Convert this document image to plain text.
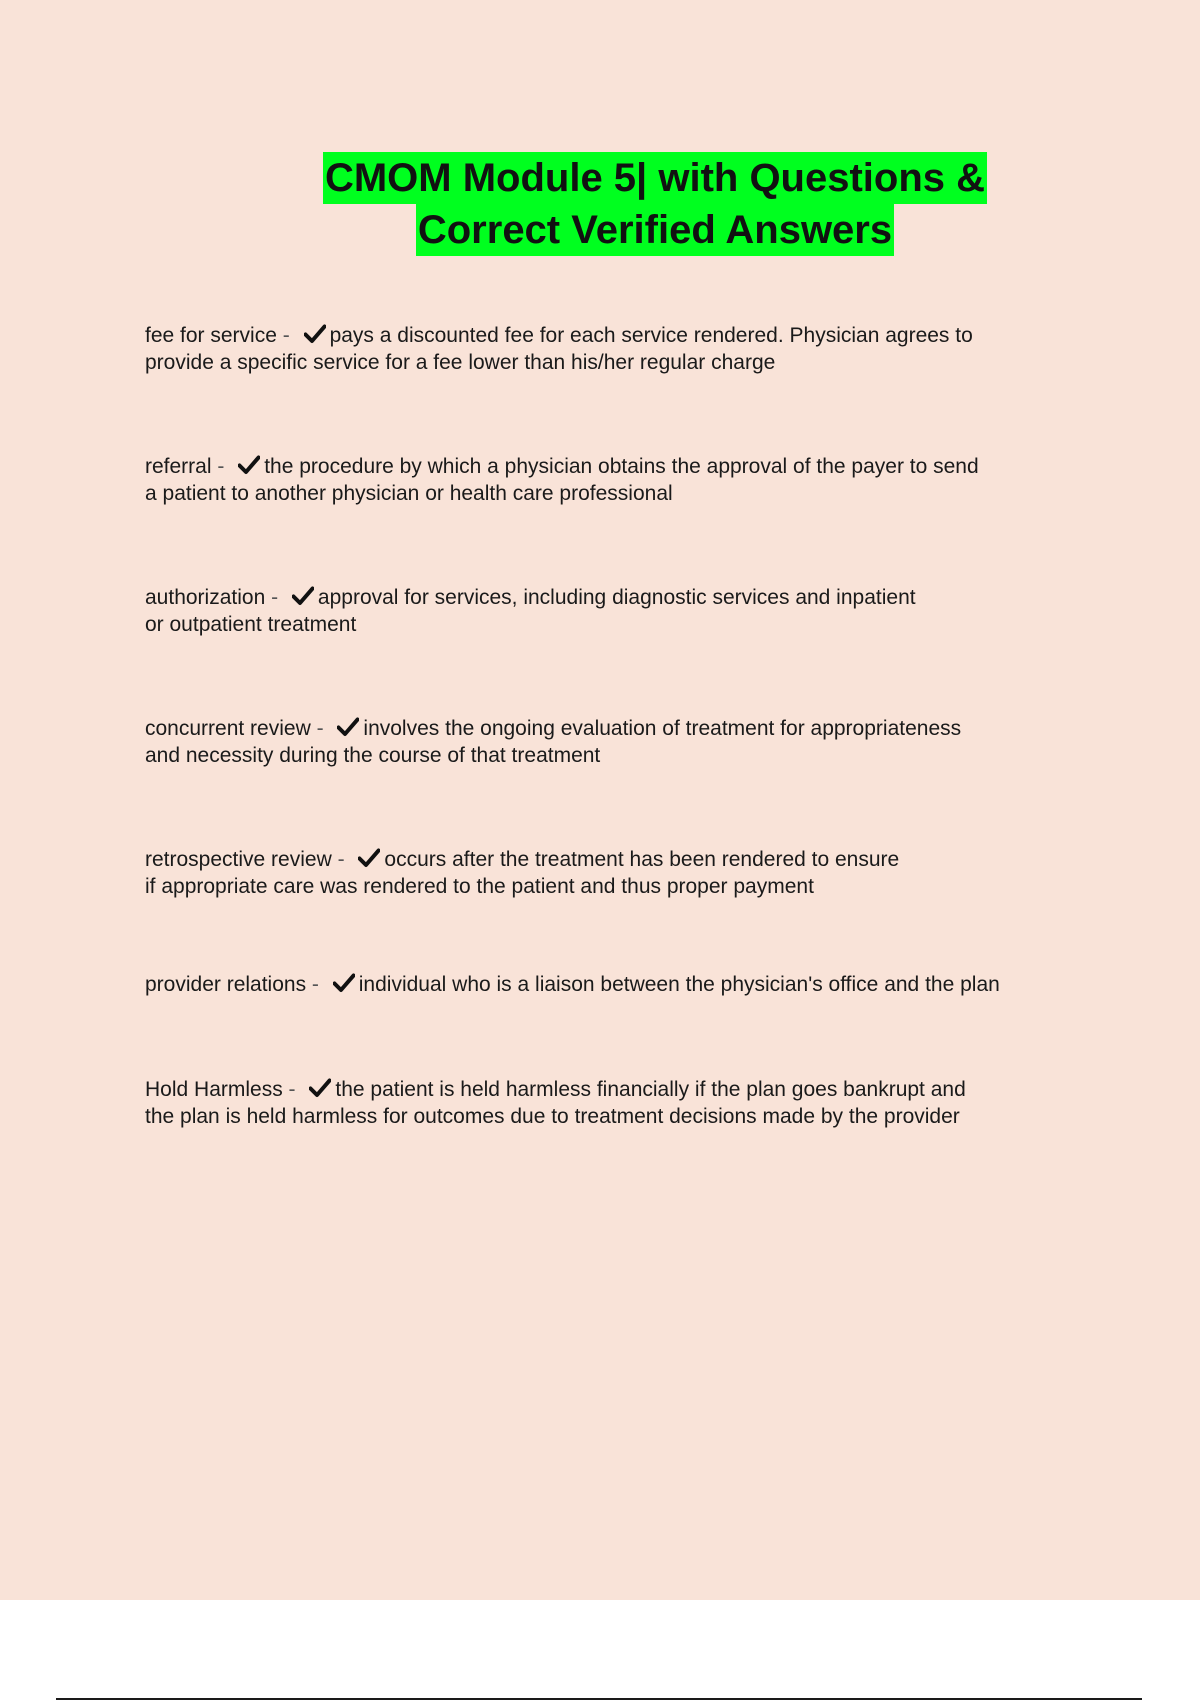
CMOM Module 5| with Questions &
Correct Verified Answers
fee for service -
pays a discounted fee for each service rendered. Physician agrees to
provide a specific service for a fee lower than his/her regular charge
referral -
the procedure by which a physician obtains the approval of the payer to send
a patient to another physician or health care professional
authorization -
approval for services, including diagnostic services and inpatient
or outpatient treatment
concurrent review -
involves the ongoing evaluation of treatment for appropriateness
and necessity during the course of that treatment
retrospective review -
occurs after the treatment has been rendered to ensure
if appropriate care was rendered to the patient and thus proper payment
provider relations -
individual who is a liaison between the physician's office and the plan
Hold Harmless -
the patient is held harmless financially if the plan goes bankrupt and
the plan is held harmless for outcomes due to treatment decisions made by the provider
